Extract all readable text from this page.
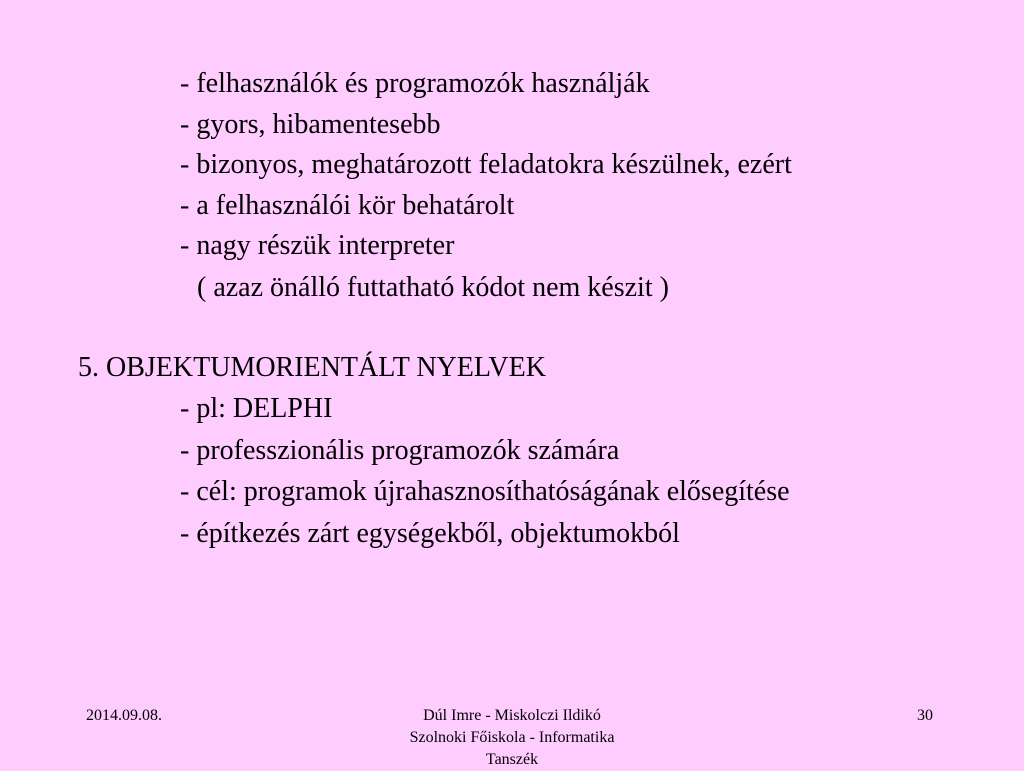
- felhasználók és programozók használják

- gyors, hibamentesebb

- bizonyos, meghatározott feladatokra készülnek, ezért

- a felhasználói kör behatárolt

- nagy részük interpreter

( azaz önálló futtatható kódot nem készit )

5. OBJEKTUMORIENTÁLT NYELVEK

- pl: DELPHI

- professzionális programozók számára

- cél: programok újrahasznosíthatóságának elősegítése

- építkezés zárt egységekből, objektumokból

2014.09.08.	Dúl Imre - Miskolczi Ildikó
Szolnoki Főiskola - Informatika Tanszék
30
